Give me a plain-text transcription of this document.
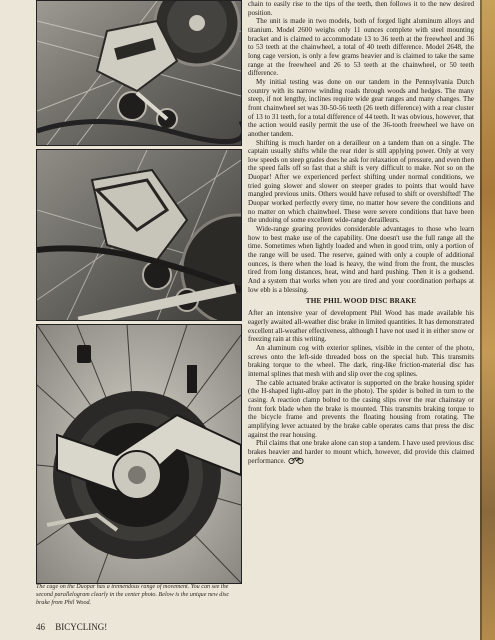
The cage on the Duopar has a tremendous range of movement. You can see the second parallelogram clearly in the center photo. Below is the unique new disc brake from Phil Wood.
46 BICYCLING!

chain to easily rise to the tips of the teeth, then follows it to the new desired position.

The unit is made in two models, both of forged light aluminum alloys and titanium. Model 2600 weighs only 11 ounces complete with steel mounting bracket and is claimed to accommodate 13 to 36 teeth at the freewheel and 36 to 53 teeth at the chainwheel, a total of 40 teeth difference. Model 2648, the long cage version, is only a few grams heavier and is claimed to take the same range at the freewheel and 26 to 53 teeth at the chainwheel, or 50 teeth difference.

My initial testing was done on our tandem in the Pennsylvania Dutch country with its narrow winding roads through woods and hedges. The many steep, if not lengthy, inclines require wide gear ranges and many changes. The front chainwheel set was 30-50-56 teeth (26 teeth difference) with a rear cluster of 13 to 31 teeth, for a total difference of 44 teeth. It was obvious, however, that the action would easily permit the use of the 36-tooth freewheel we have on another tandem.

Shifting is much harder on a derailleur on a tandem than on a single. The captain usually shifts while the rear rider is still applying power. Only at very low speeds on steep grades does he ask for relaxation of pressure, and even then the speed falls off so fast that a shift is very difficult to make. Not so on the Duopar! After we experienced perfect shifting under normal conditions, we tried going slower and slower on steeper grades to points that would have mangled previous units. Others would have refused to shift or overshifted! The Duopar worked perfectly every time, no matter how severe the conditions and no matter on which chainwheel. These were severe conditions that have been the undoing of some excellent wide-range derailleurs.

Wide-range gearing provides considerable advantages to those who learn how to best make use of the capability. One doesn't use the full range all the time. Sometimes when lightly loaded and when in good trim, only a portion of the range will be used. The reserve, gained with only a couple of additional ounces, is there when the load is heavy, the wind from the front, the muscles tired from long distances, heat, wind and hard pushing. Then it is a godsend. And a system that works when you are tired and your coordination perhaps at low ebb is a blessing.

THE PHIL WOOD DISC BRAKE

After an intensive year of development Phil Wood has made available his eagerly awaited all-weather disc brake in limited quantities. It has demonstrated excellent all-weather effectiveness, although I have not used it in either snow or freezing rain at this writing.

An aluminum cog with exterior splines, visible in the center of the photo, screws onto the left-side threaded boss on the special hub. This transmits braking torque to the wheel. The dark, ring-like friction-material disc has internal splines that mesh with and slip over the cog splines.

The cable actuated brake activator is supported on the brake housing spider (the H-shaped light-alloy part in the photo). The spider is bolted in turn to the casing. A reaction clamp bolted to the casing slips over the rear chainstay or front fork blade when the brake is mounted. This transmits braking torque to the bicycle frame and prevents the floating housing from rotating. The amplifying lever actuated by the brake cable operates cams that press the disc against the rear housing.

Phil claims that one brake alone can stop a tandem. I have used previous disc brakes heavier and harder to mount which, however, did provide this claimed performance.
